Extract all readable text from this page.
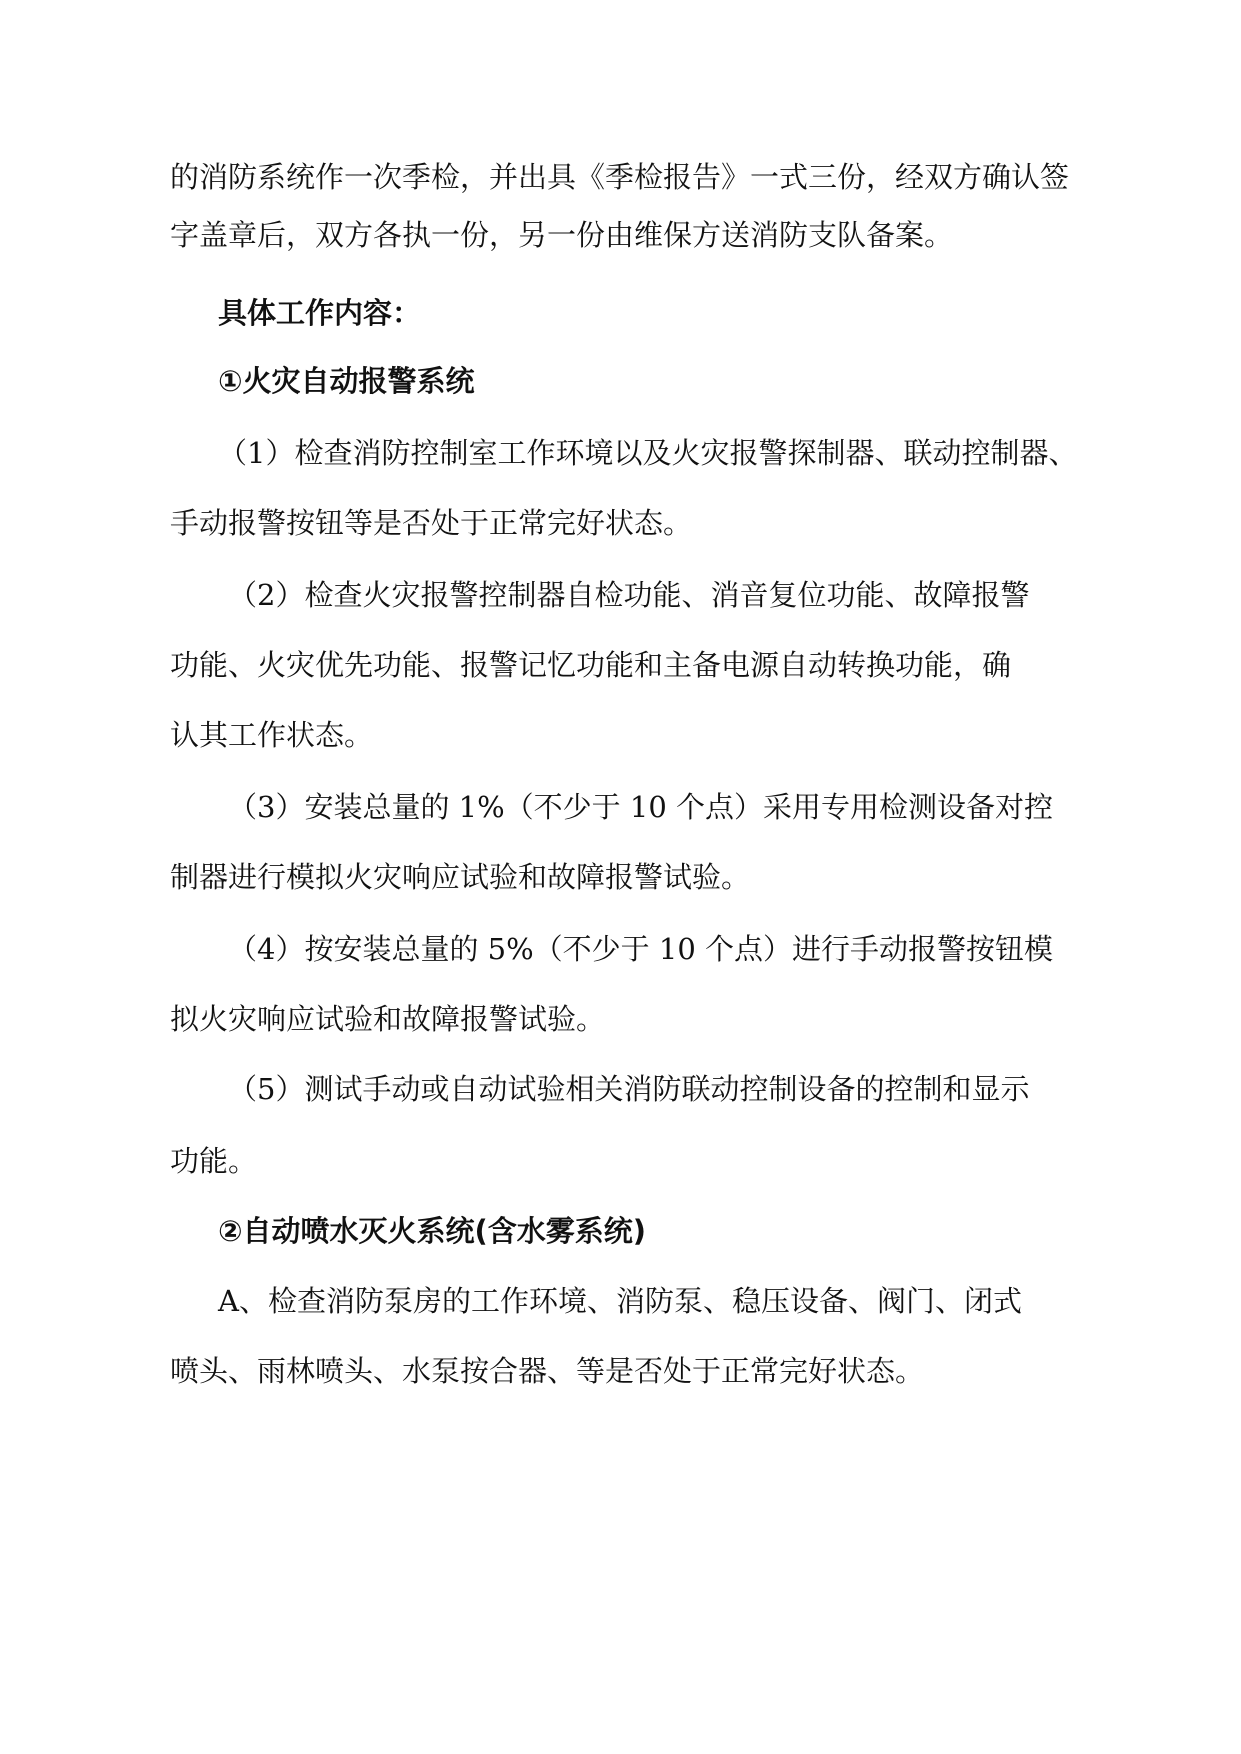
的消防系统作一次季检，并出具《季检报告》一式三份，经双方确认签
字盖章后，双方各执一份，另一份由维保方送消防支队备案。
具体工作内容：
①火灾自动报警系统
（1）检查消防控制室工作环境以及火灾报警探制器、联动控制器、
手动报警按钮等是否处于正常完好状态。
（2）检查火灾报警控制器自检功能、消音复位功能、故障报警
功能、火灾优先功能、报警记忆功能和主备电源自动转换功能，确
认其工作状态。
（3）安装总量的 1%（不少于 10 个点）采用专用检测设备对控
制器进行模拟火灾响应试验和故障报警试验。
（4）按安装总量的 5%（不少于 10 个点）进行手动报警按钮模
拟火灾响应试验和故障报警试验。
（5）测试手动或自动试验相关消防联动控制设备的控制和显示
功能。
②自动喷水灭火系统(含水雾系统)
A、检查消防泵房的工作环境、消防泵、稳压设备、阀门、闭式
喷头、雨林喷头、水泵按合器、等是否处于正常完好状态。
